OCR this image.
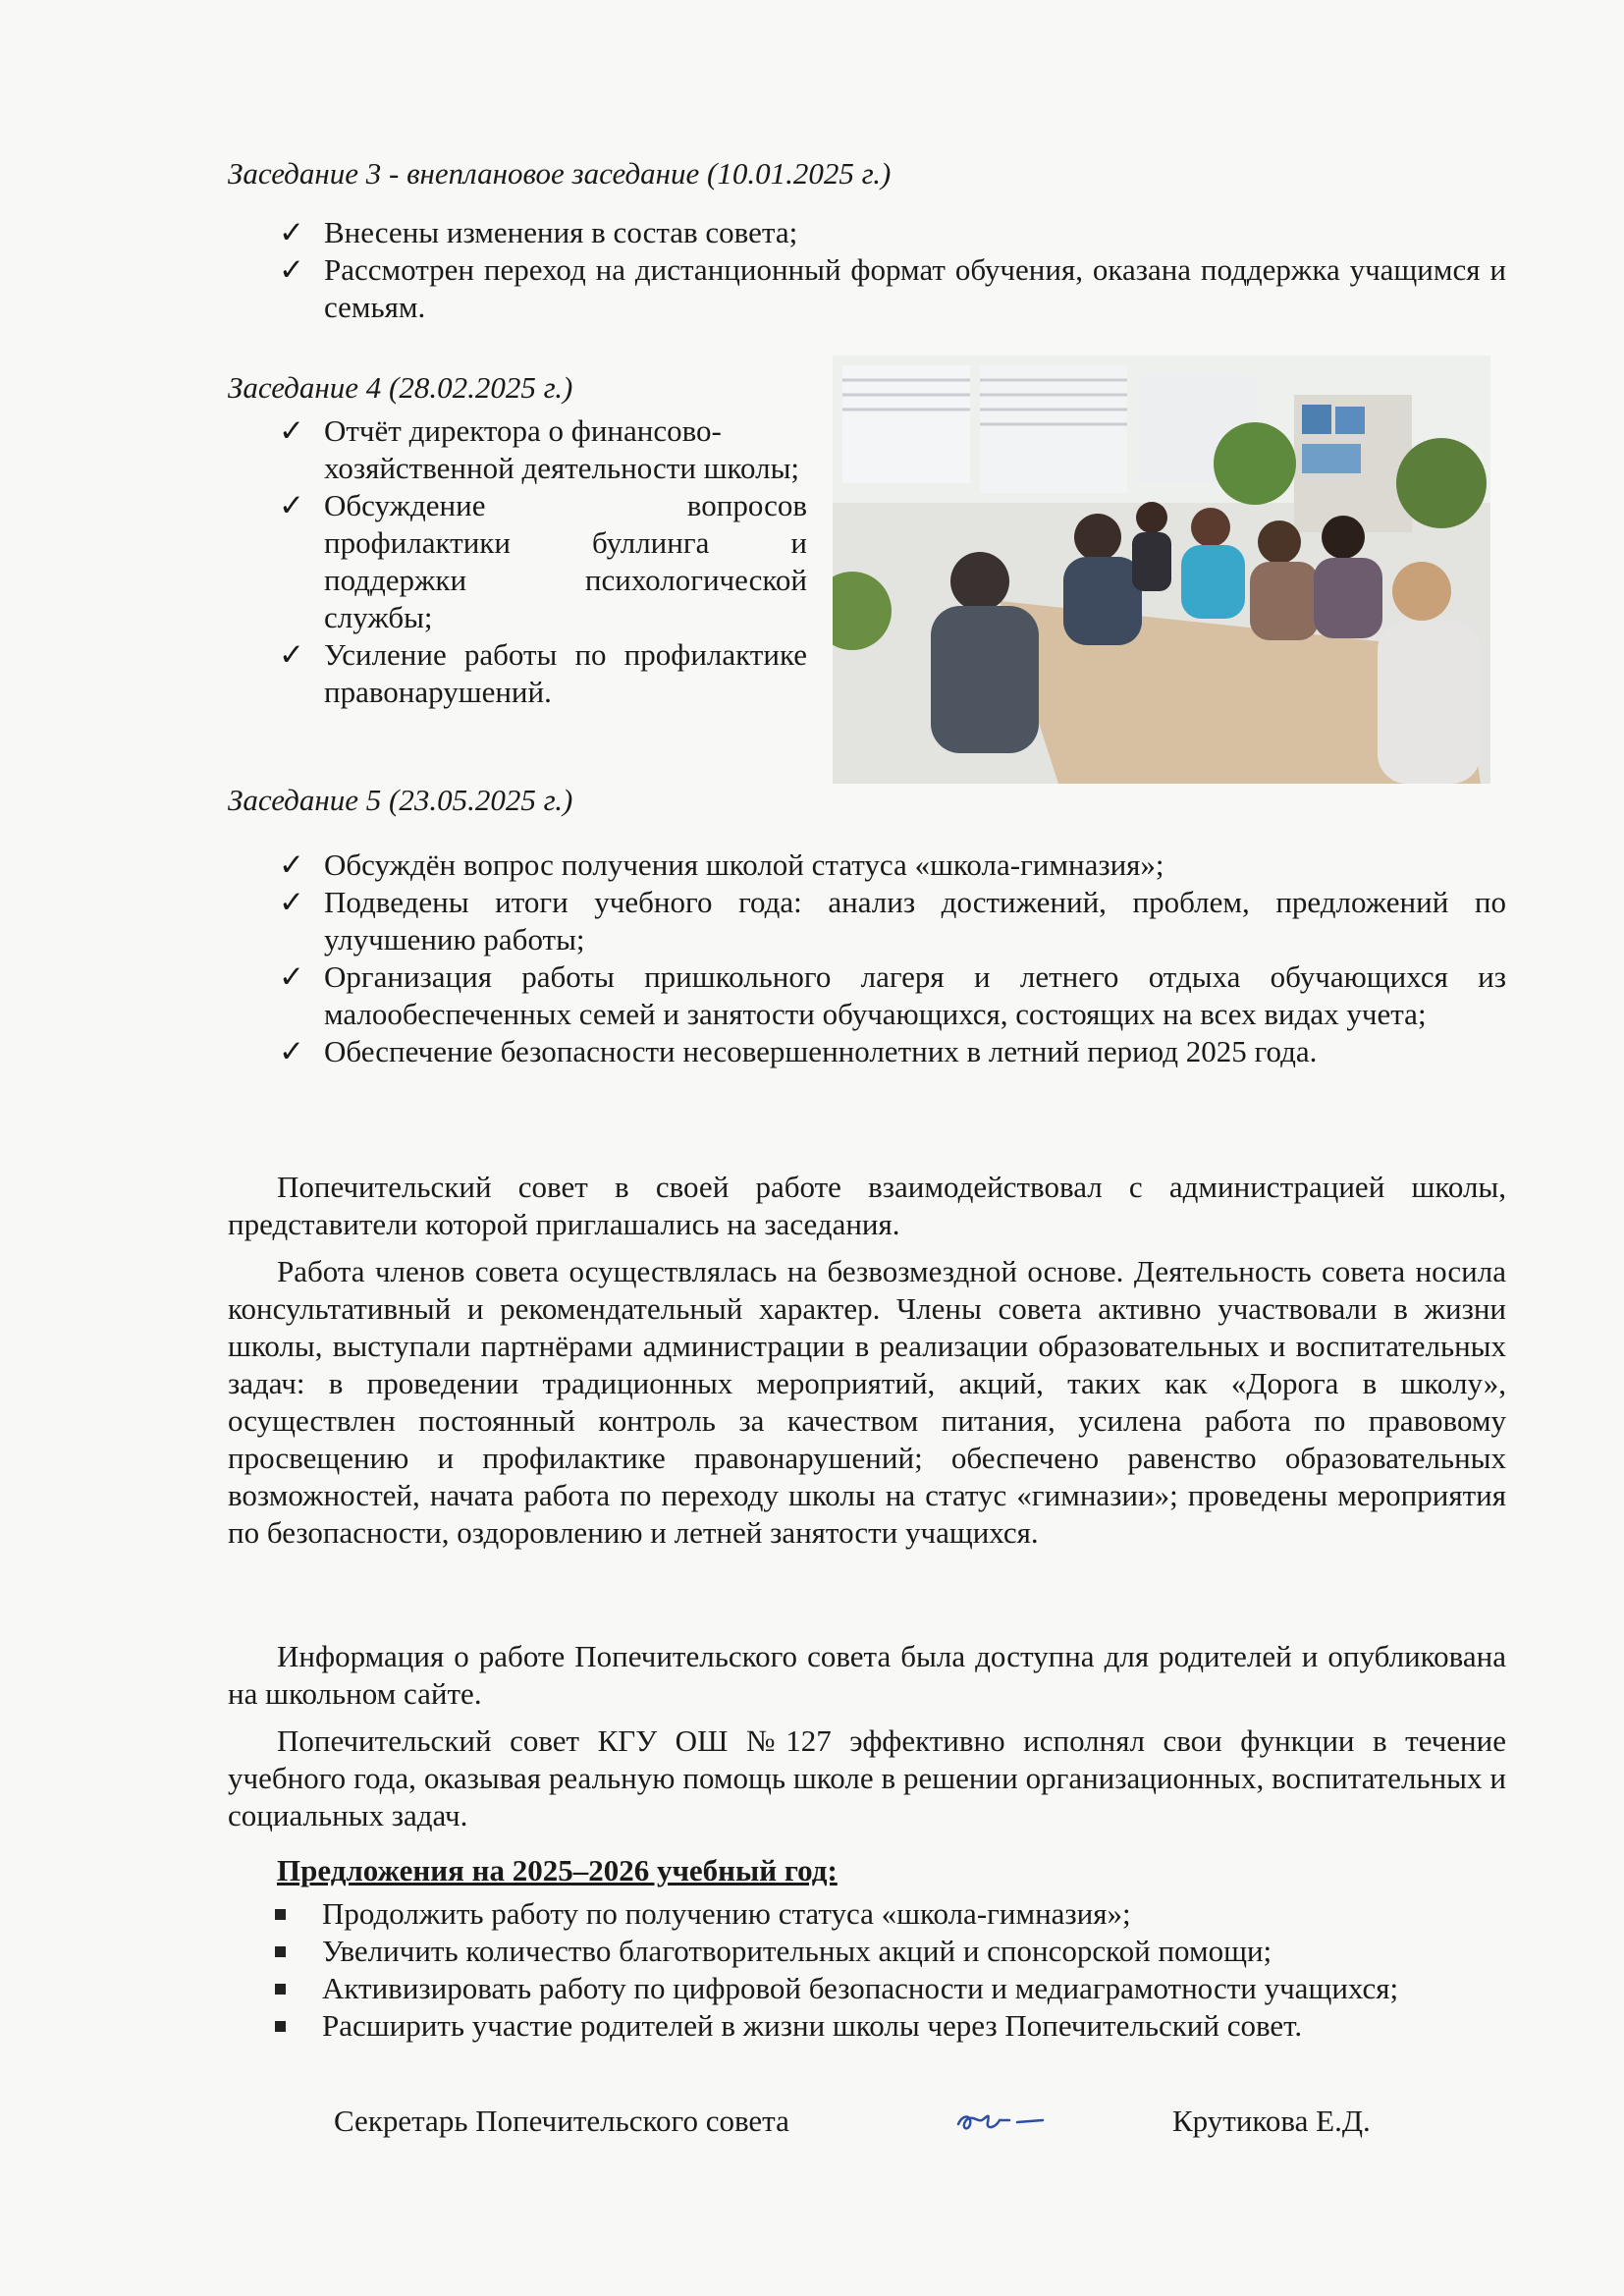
Заседание 3 - внеплановое заседание (10.01.2025 г.)
✓ Внесены изменения в состав совета;
✓ Рассмотрен переход на дистанционный формат обучения, оказана поддержка учащимся и семьям.
Заседание 4 (28.02.2025 г.)
✓ Отчёт директора о финансово-хозяйственной деятельности школы;
✓ Обсуждение вопросов профилактики буллинга и поддержки психологической службы;
✓ Усиление работы по профилактике правонарушений.
Заседание 5 (23.05.2025 г.)
✓ Обсуждён вопрос получения школой статуса «школа-гимназия»;
✓ Подведены итоги учебного года: анализ достижений, проблем, предложений по улучшению работы;
✓ Организация работы пришкольного лагеря и летнего отдыха обучающихся из малообеспеченных семей и занятости обучающихся, состоящих на всех видах учета;
✓ Обеспечение безопасности несовершеннолетних в летний период 2025 года.

Попечительский совет в своей работе взаимодействовал с администрацией школы, представители которой приглашались на заседания.

Работа членов совета осуществлялась на безвозмездной основе. Деятельность совета носила консультативный и рекомендательный характер. Члены совета активно участвовали в жизни школы, выступали партнёрами администрации в реализации образовательных и воспитательных задач: в проведении традиционных мероприятий, акций, таких как «Дорога в школу», осуществлен постоянный контроль за качеством питания, усилена работа по правовому просвещению и профилактике правонарушений; обеспечено равенство образовательных возможностей, начата работа по переходу школы на статус «гимназии»; проведены мероприятия по безопасности, оздоровлению и летней занятости учащихся.

Информация о работе Попечительского совета была доступна для родителей и опубликована на школьном сайте.

Попечительский совет КГУ ОШ №127 эффективно исполнял свои функции в течение учебного года, оказывая реальную помощь школе в решении организационных, воспитательных и социальных задач.

Предложения на 2025–2026 учебный год:
Продолжить работу по получению статуса «школа-гимназия»;
Увеличить количество благотворительных акций и спонсорской помощи;
Активизировать работу по цифровой безопасности и медиаграмотности учащихся;
Расширить участие родителей в жизни школы через Попечительский совет.
Секретарь Попечительского совета	Крутикова Е.Д.
